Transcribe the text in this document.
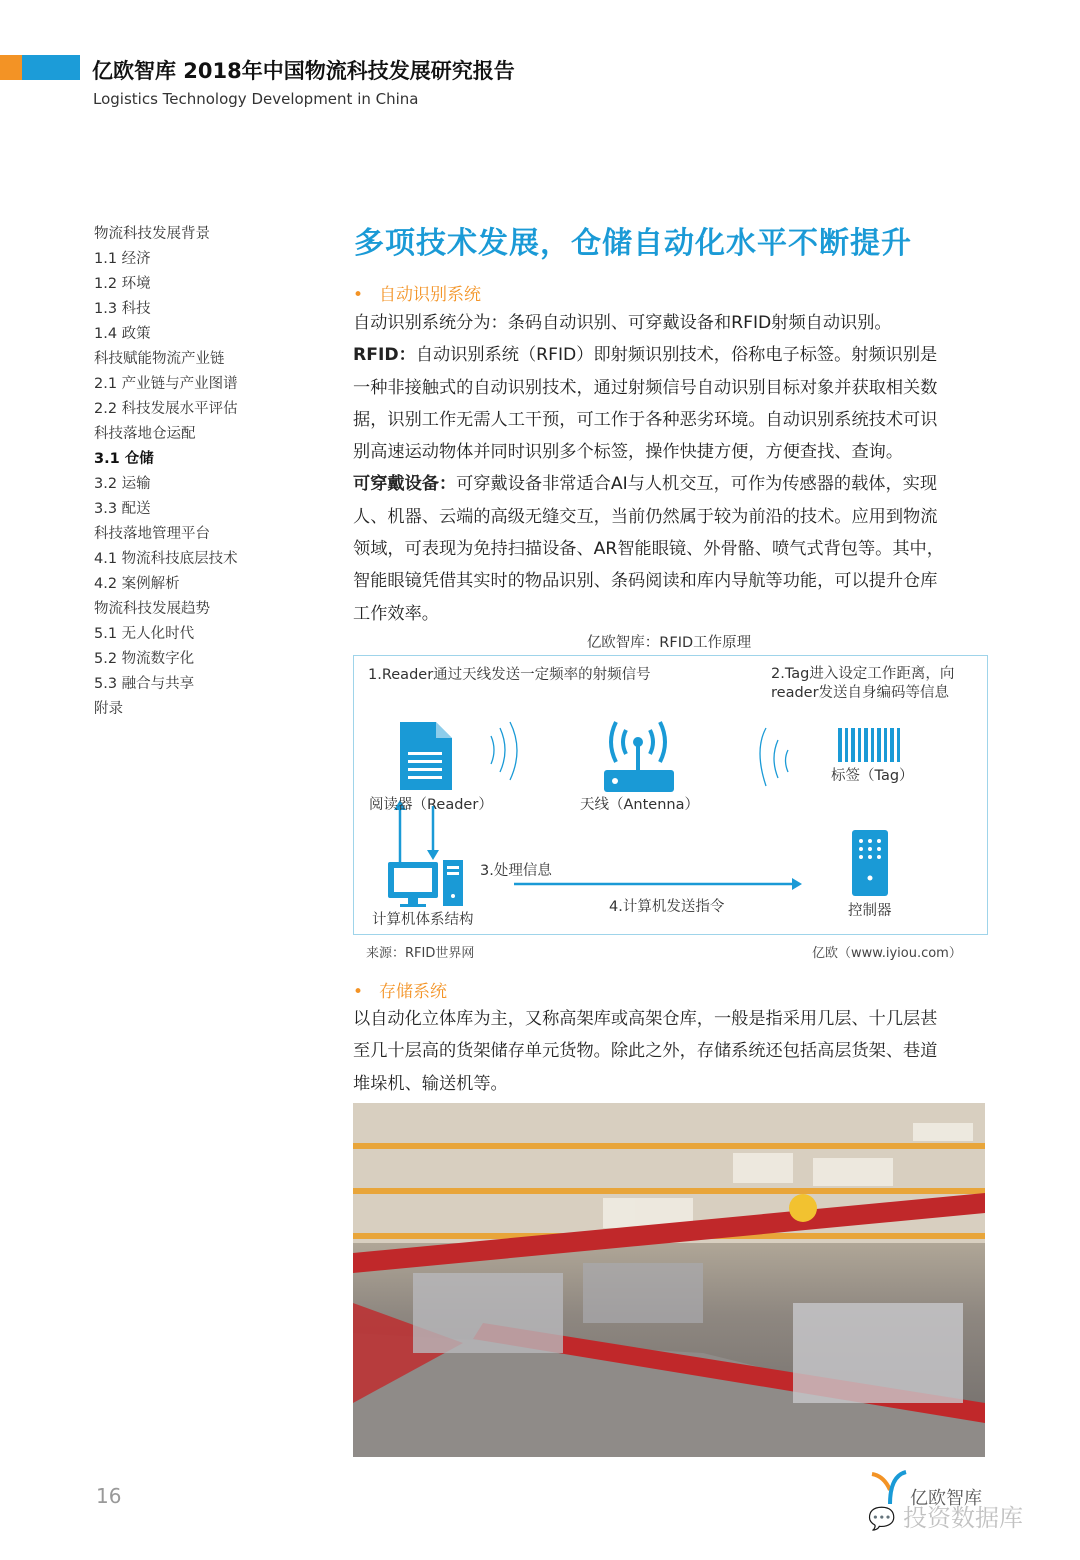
亿欧智库 2018年中国物流科技发展研究报告
Logistics Technology Development in China
物流科技发展背景
1.1 经济
1.2 环境
1.3 科技
1.4 政策
科技赋能物流产业链
2.1 产业链与产业图谱
2.2 科技发展水平评估
科技落地仓运配
3.1 仓储
3.2 运输
3.3 配送
科技落地管理平台
4.1 物流科技底层技术
4.2 案例解析
物流科技发展趋势
5.1 无人化时代
5.2 物流数字化
5.3 融合与共享
附录
多项技术发展，仓储自动化水平不断提升
• 自动识别系统
自动识别系统分为：条码自动识别、可穿戴设备和RFID射频自动识别。
RFID：自动识别系统（RFID）即射频识别技术，俗称电子标签。射频识别是
一种非接触式的自动识别技术，通过射频信号自动识别目标对象并获取相关数
据，识别工作无需人工干预，可工作于各种恶劣环境。自动识别系统技术可识
别高速运动物体并同时识别多个标签，操作快捷方便，方便查找、查询。
可穿戴设备：可穿戴设备非常适合AI与人机交互，可作为传感器的载体，实现
人、机器、云端的高级无缝交互，当前仍然属于较为前沿的技术。应用到物流
领域，可表现为免持扫描设备、AR智能眼镜、外骨骼、喷气式背包等。其中，
智能眼镜凭借其实时的物品识别、条码阅读和库内导航等功能，可以提升仓库
工作效率。
亿欧智库：RFID工作原理
1.Reader通过天线发送一定频率的射频信号	2.Tag进入设定工作距离，向
reader发送自身编码等信息
阅读器（Reader）	天线（Antenna）
标签（Tag）
3.处理信息
4.计算机发送指令
计算机体系结构
控制器
来源：RFID世界网	亿欧（www.iyiou.com）
• 存储系统
以自动化立体库为主，又称高架库或高架仓库，一般是指采用几层、十几层甚
至几十层高的货架储存单元货物。除此之外，存储系统还包括高层货架、巷道
堆垛机、输送机等。
16	亿欧智库
💬 投资数据库
